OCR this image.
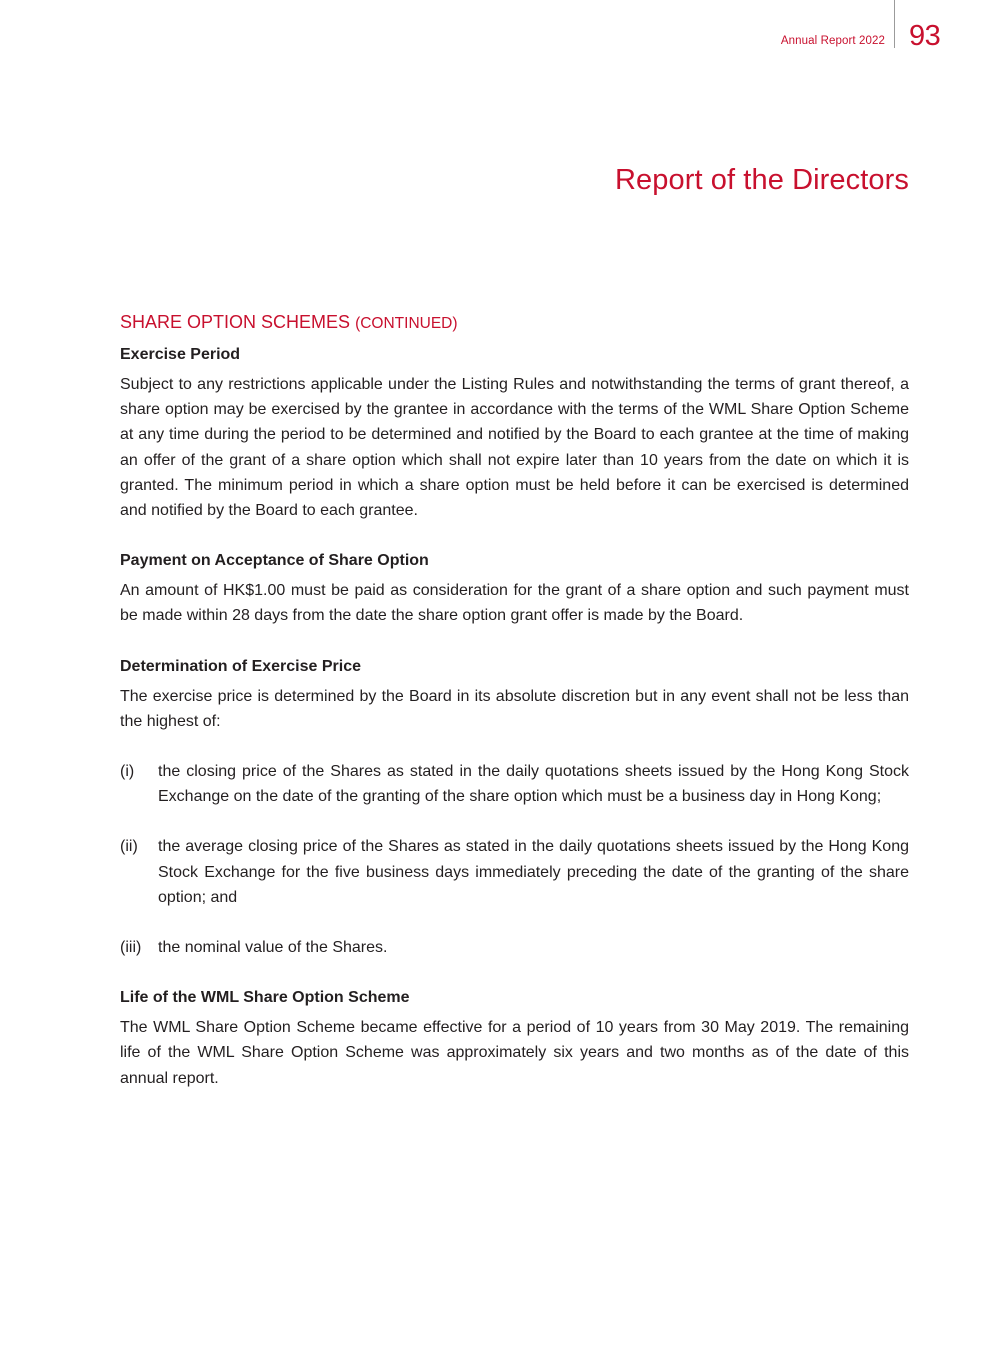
Annual Report 2022 93
Report of the Directors
SHARE OPTION SCHEMES (CONTINUED)
Exercise Period

Subject to any restrictions applicable under the Listing Rules and notwithstanding the terms of grant thereof, a share option may be exercised by the grantee in accordance with the terms of the WML Share Option Scheme at any time during the period to be determined and notified by the Board to each grantee at the time of making an offer of the grant of a share option which shall not expire later than 10 years from the date on which it is granted. The minimum period in which a share option must be held before it can be exercised is determined and notified by the Board to each grantee.

Payment on Acceptance of Share Option

An amount of HK$1.00 must be paid as consideration for the grant of a share option and such payment must be made within 28 days from the date the share option grant offer is made by the Board.

Determination of Exercise Price

The exercise price is determined by the Board in its absolute discretion but in any event shall not be less than the highest of:

(i)	the closing price of the Shares as stated in the daily quotations sheets issued by the Hong Kong Stock Exchange on the date of the granting of the share option which must be a business day in Hong Kong;
(ii)	the average closing price of the Shares as stated in the daily quotations sheets issued by the Hong Kong Stock Exchange for the five business days immediately preceding the date of the granting of the share option; and
(iii)	the nominal value of the Shares.
Life of the WML Share Option Scheme

The WML Share Option Scheme became effective for a period of 10 years from 30 May 2019. The remaining life of the WML Share Option Scheme was approximately six years and two months as of the date of this annual report.
